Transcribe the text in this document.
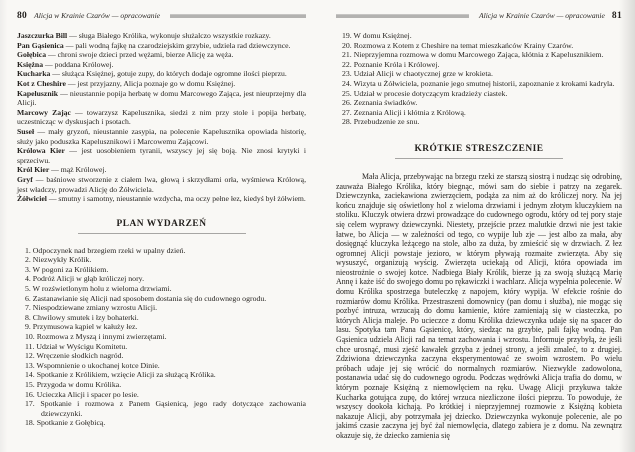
80 Alicja w Krainie Czarów — opracowanie

Jaszczurka Bill — sługa Białego Królika, wykonuje służalczo wszystkie rozkazy.

Pan Gąsienica — pali wodną fajkę na czarodziejskim grzybie, udziela rad dziewczynce.

Gołębica — chroni swoje dzieci przed wężami, bierze Alicję za węża.

Księżna — poddana Królowej.

Kucharka — służąca Księżnej, gotuje zupy, do których dodaje ogromne ilości pieprzu.

Kot z Cheshire — jest przyjazny, Alicja poznaje go w domu Księżnej.

Kapelusznik — nieustannie popija herbatę w domu Marcowego Zająca, jest nieuprzejmy dla Alicji.

Marcowy Zając — towarzysz Kapelusznika, siedzi z nim przy stole i popija herbatę, uczestnicząc w dyskusjach i psotach.

Suseł — mały gryzoń, nieustannie zasypia, na polecenie Kapelusznika opowiada historię, służy jako poduszka Kapelusznikowi i Marcowemu Zającowi.

Królowa Kier — jest uosobieniem tyranii, wszyscy jej się boją. Nie znosi krytyki i sprzeciwu.

Król Kier — mąż Królowej.

Gryf — baśniowe stworzenie z ciałem lwa, głową i skrzydłami orła, wyśmiewa Królową, jest władczy, prowadzi Alicję do Żółwiciela.

Żółwiciel — smutny i samotny, nieustannie wzdycha, ma oczy pełne łez, kiedyś był żółwiem.

PLAN WYDARZEŃ
1. Odpoczynek nad brzegiem rzeki w upalny dzień.
2. Niezwykły Królik.
3. W pogoni za Królikiem.
4. Podróż Alicji w głąb króliczej nory.
5. W rozświetlonym holu z wieloma drzwiami.
6. Zastanawianie się Alicji nad sposobem dostania się do cudownego ogrodu.
7. Niespodziewane zmiany wzrostu Alicji.
8. Chwilowy smutek i łzy bohaterki.
9. Przymusowa kąpiel w kałuży łez.
10. Rozmowa z Myszą i innymi zwierzętami.
11. Udział w Wyścigu Komitetu.
12. Wręczenie słodkich nagród.
13. Wspomnienie o ukochanej kotce Dinie.
14. Spotkanie z Królikiem, wzięcie Alicji za służącą Królika.
15. Przygoda w domu Królika.
16. Ucieczka Alicji i spacer po lesie.
17. Spotkanie i rozmowa z Panem Gąsienicą, jego rady dotyczące zachowania dziewczynki.
18. Spotkanie z Gołębicą.
Alicja w Krainie Czarów — opracowanie 81
19. W domu Księżnej.
20. Rozmowa z Kotem z Cheshire na temat mieszkańców Krainy Czarów.
21. Nieprzyjemna rozmowa w domu Marcowego Zająca, kłótnia z Kapelusznikiem.
22. Poznanie Króla i Królowej.
23. Udział Alicji w chaotycznej grze w krokieta.
24. Wizyta u Żółwiciela, poznanie jego smutnej historii, zapoznanie z krokami kadryla.
25. Udział w procesie dotyczącym kradzieży ciastek.
26. Zeznania świadków.
27. Zeznania Alicji i kłótnia z Królową.
28. Przebudzenie ze snu.
KRÓTKIE STRESZCZENIE

Mała Alicja, przebywając na brzegu rzeki ze starszą siostrą i nudząc się odrobinę, zauważa Białego Królika, który biegnąc, mówi sam do siebie i patrzy na zegarek. Dziewczynka, zaciekawiona zwierzęciem, podąża za nim aż do króliczej nory. Na jej końcu znajduje się oświetlony hol z wieloma drzwiami i jednym złotym kluczykiem na stoliku. Kluczyk otwiera drzwi prowadzące do cudownego ogrodu, który od tej pory staje się celem wyprawy dziewczynki. Niestety, przejście przez malutkie drzwi nie jest takie łatwe, bo Alicja — w zależności od tego, co wypije lub zje — jest albo za mała, aby dosięgnąć kluczyka leżącego na stole, albo za duża, by zmieścić się w drzwiach. Z łez ogromnej Alicji powstaje jezioro, w którym pływają rozmaite zwierzęta. Aby się wysuszyć, organizują wyścig. Zwierzęta uciekają od Alicji, która opowiada im nieostrożnie o swojej kotce. Nadbiega Biały Królik, bierze ją za swoją służącą Marię Annę i każe iść do swojego domu po rękawiczki i wachlarz. Alicja wypełnia polecenie. W domu Królika spostrzega buteleczkę z napojem, który wypija. W efekcie rośnie do rozmiarów domu Królika. Przestraszeni domownicy (pan domu i służba), nie mogąc się pozbyć intruza, wrzucają do domu kamienie, które zamieniają się w ciasteczka, po których Alicja maleje. Po ucieczce z domu Królika dziewczynka udaje się na spacer do lasu. Spotyka tam Pana Gąsienicę, który, siedząc na grzybie, pali fajkę wodną. Pan Gąsienica udziela Alicji rad na temat zachowania i wzrostu. Informuje przybyłą, że jeśli chce urosnąć, musi zjeść kawałek grzyba z jednej strony, a jeśli zmaleć, to z drugiej. Zdziwiona dziewczynka zaczyna eksperymentować ze swoim wzrostem. Po wielu próbach udaje jej się wrócić do normalnych rozmiarów. Niezwykle zadowolona, postanawia udać się do cudownego ogrodu. Podczas wędrówki Alicja trafia do domu, w którym poznaje Księżną z niemowlęciem na ręku. Uwagę Alicji przykuwa także Kucharka gotująca zupę, do której wrzuca niezliczone ilości pieprzu. To powoduje, że wszyscy dookoła kichają. Po krótkiej i nieprzyjemnej rozmowie z Księżną kobieta nakazuje Alicji, aby potrzymała jej dziecko. Dziewczynka wykonuje polecenie, ale po jakimś czasie zaczyna jej być żal niemowlęcia, dlatego zabiera je z domu. Na zewnątrz okazuje się, że dziecko zamienia się
